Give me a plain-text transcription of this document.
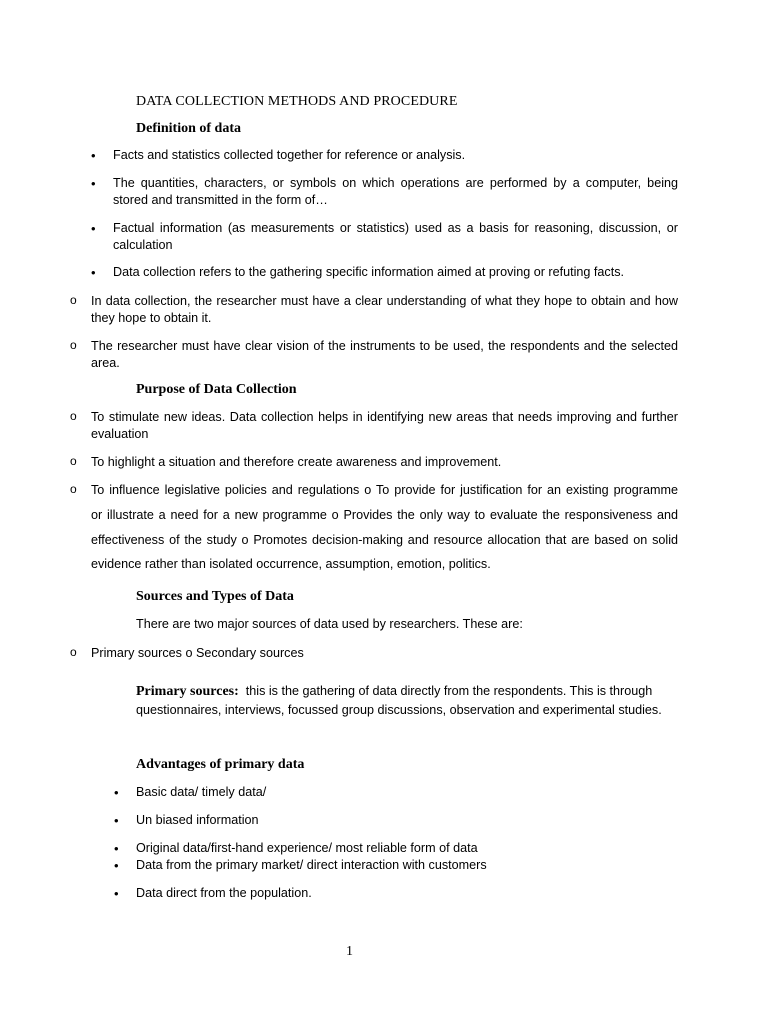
DATA COLLECTION METHODS AND PROCEDURE
Definition of data
• Facts and statistics collected together for reference or analysis.
• The quantities, characters, or symbols on which operations are performed by a computer, being
stored and transmitted in the form of…
• Factual information (as measurements or statistics) used as a basis for reasoning, discussion, or
calculation
• Data collection refers to the gathering specific information aimed at proving or refuting facts.
o In data collection, the researcher must have a clear understanding of what they hope to obtain and how
they hope to obtain it.
o The researcher must have clear vision of the instruments to be used, the respondents and the selected
area.
Purpose of Data Collection
o To stimulate new ideas. Data collection helps in identifying new areas that needs improving and further
evaluation
o To highlight a situation and therefore create awareness and improvement.
o To influence legislative policies and regulations o To provide for justification for an existing programme
or illustrate a need for a new programme o Provides the only way to evaluate the responsiveness and
effectiveness of the study o Promotes decision-making and resource allocation that are based on solid
evidence rather than isolated occurrence, assumption, emotion, politics.
Sources and Types of Data
There are two major sources of data used by researchers. These are:
o Primary sources o Secondary sources
Primary sources: this is the gathering of data directly from the respondents. This is through
questionnaires, interviews, focussed group discussions, observation and experimental studies.
Advantages of primary data
• Basic data/ timely data/
• Un biased information
• Original data/first-hand experience/ most reliable form of data
• Data from the primary market/ direct interaction with customers
• Data direct from the population.
1
